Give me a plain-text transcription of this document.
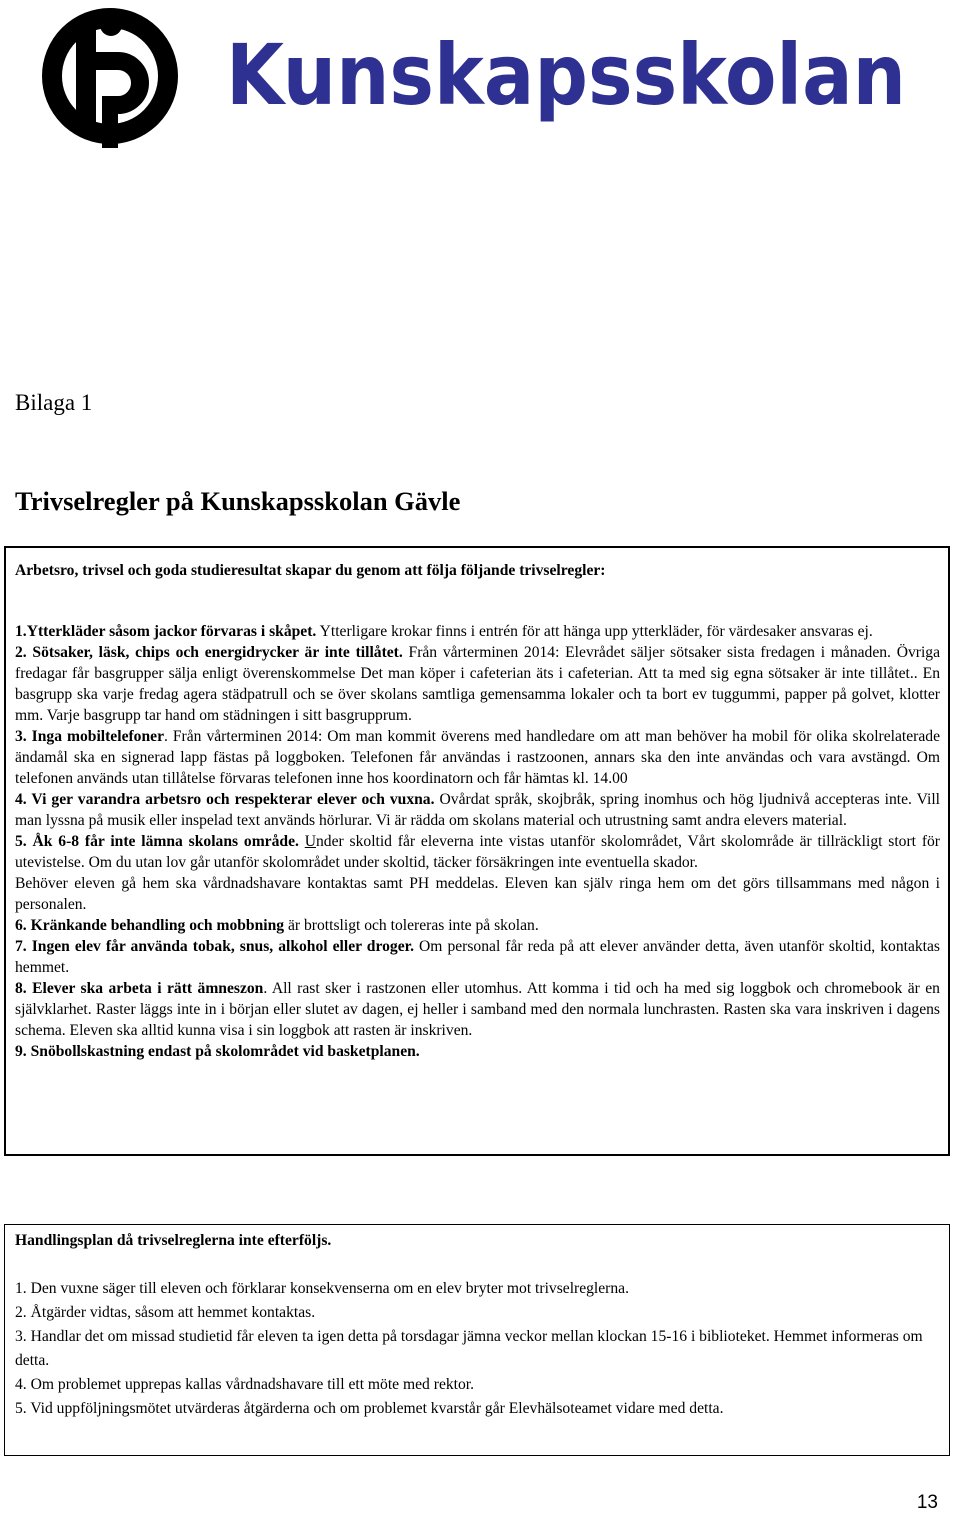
Kunskapsskolan
Bilaga 1
Trivselregler på Kunskapsskolan Gävle

Arbetsro, trivsel och goda studieresultat skapar du genom att följa följande trivselregler:

1.Ytterkläder såsom jackor förvaras i skåpet. Ytterligare krokar finns i entrén för att hänga upp ytterkläder, för värdesaker ansvaras ej.

2. Sötsaker, läsk, chips och energidrycker är inte tillåtet. Från vårterminen 2014: Elevrådet säljer sötsaker sista fredagen i månaden. Övriga fredagar får basgrupper sälja enligt överenskommelse Det man köper i cafeterian äts i cafeterian. Att ta med sig egna sötsaker är inte tillåtet.. En basgrupp ska varje fredag agera städpatrull och se över skolans samtliga gemensamma lokaler och ta bort ev tuggummi, papper på golvet, klotter mm. Varje basgrupp tar hand om städningen i sitt basgrupprum.

3. Inga mobiltelefoner. Från vårterminen 2014: Om man kommit överens med handledare om att man behöver ha mobil för olika skolrelaterade ändamål ska en signerad lapp fästas på loggboken. Telefonen får användas i rastzoonen, annars ska den inte användas och vara avstängd. Om telefonen används utan tillåtelse förvaras telefonen inne hos koordinatorn och får hämtas kl. 14.00

4. Vi ger varandra arbetsro och respekterar elever och vuxna. Ovårdat språk, skojbråk, spring inomhus och hög ljudnivå accepteras inte. Vill man lyssna på musik eller inspelad text används hörlurar. Vi är rädda om skolans material och utrustning samt andra elevers material.

5. Åk 6-8 får inte lämna skolans område. Under skoltid får eleverna inte vistas utanför skolområdet, Vårt skolområde är tillräckligt stort för utevistelse. Om du utan lov går utanför skolområdet under skoltid, täcker försäkringen inte eventuella skador.

Behöver eleven gå hem ska vårdnadshavare kontaktas samt PH meddelas. Eleven kan själv ringa hem om det görs tillsammans med någon i personalen.

6. Kränkande behandling och mobbning är brottsligt och tolereras inte på skolan.

7. Ingen elev får använda tobak, snus, alkohol eller droger. Om personal får reda på att elever använder detta, även utanför skoltid, kontaktas hemmet.

8. Elever ska arbeta i rätt ämneszon. All rast sker i rastzonen eller utomhus. Att komma i tid och ha med sig loggbok och chromebook är en självklarhet. Raster läggs inte in i början eller slutet av dagen, ej heller i samband med den normala lunchrasten. Rasten ska vara inskriven i dagens schema. Eleven ska alltid kunna visa i sin loggbok att rasten är inskriven.

9. Snöbollskastning endast på skolområdet vid basketplanen.

Handlingsplan då trivselreglerna inte efterföljs.

1. Den vuxne säger till eleven och förklarar konsekvenserna om en elev bryter mot trivselreglerna.

2. Åtgärder vidtas, såsom att hemmet kontaktas.

3. Handlar det om missad studietid får eleven ta igen detta på torsdagar jämna veckor mellan klockan 15-16 i biblioteket. Hemmet informeras om detta.

4. Om problemet upprepas kallas vårdnadshavare till ett möte med rektor.

5. Vid uppföljningsmötet utvärderas åtgärderna och om problemet kvarstår går Elevhälsoteamet vidare med detta.

13
